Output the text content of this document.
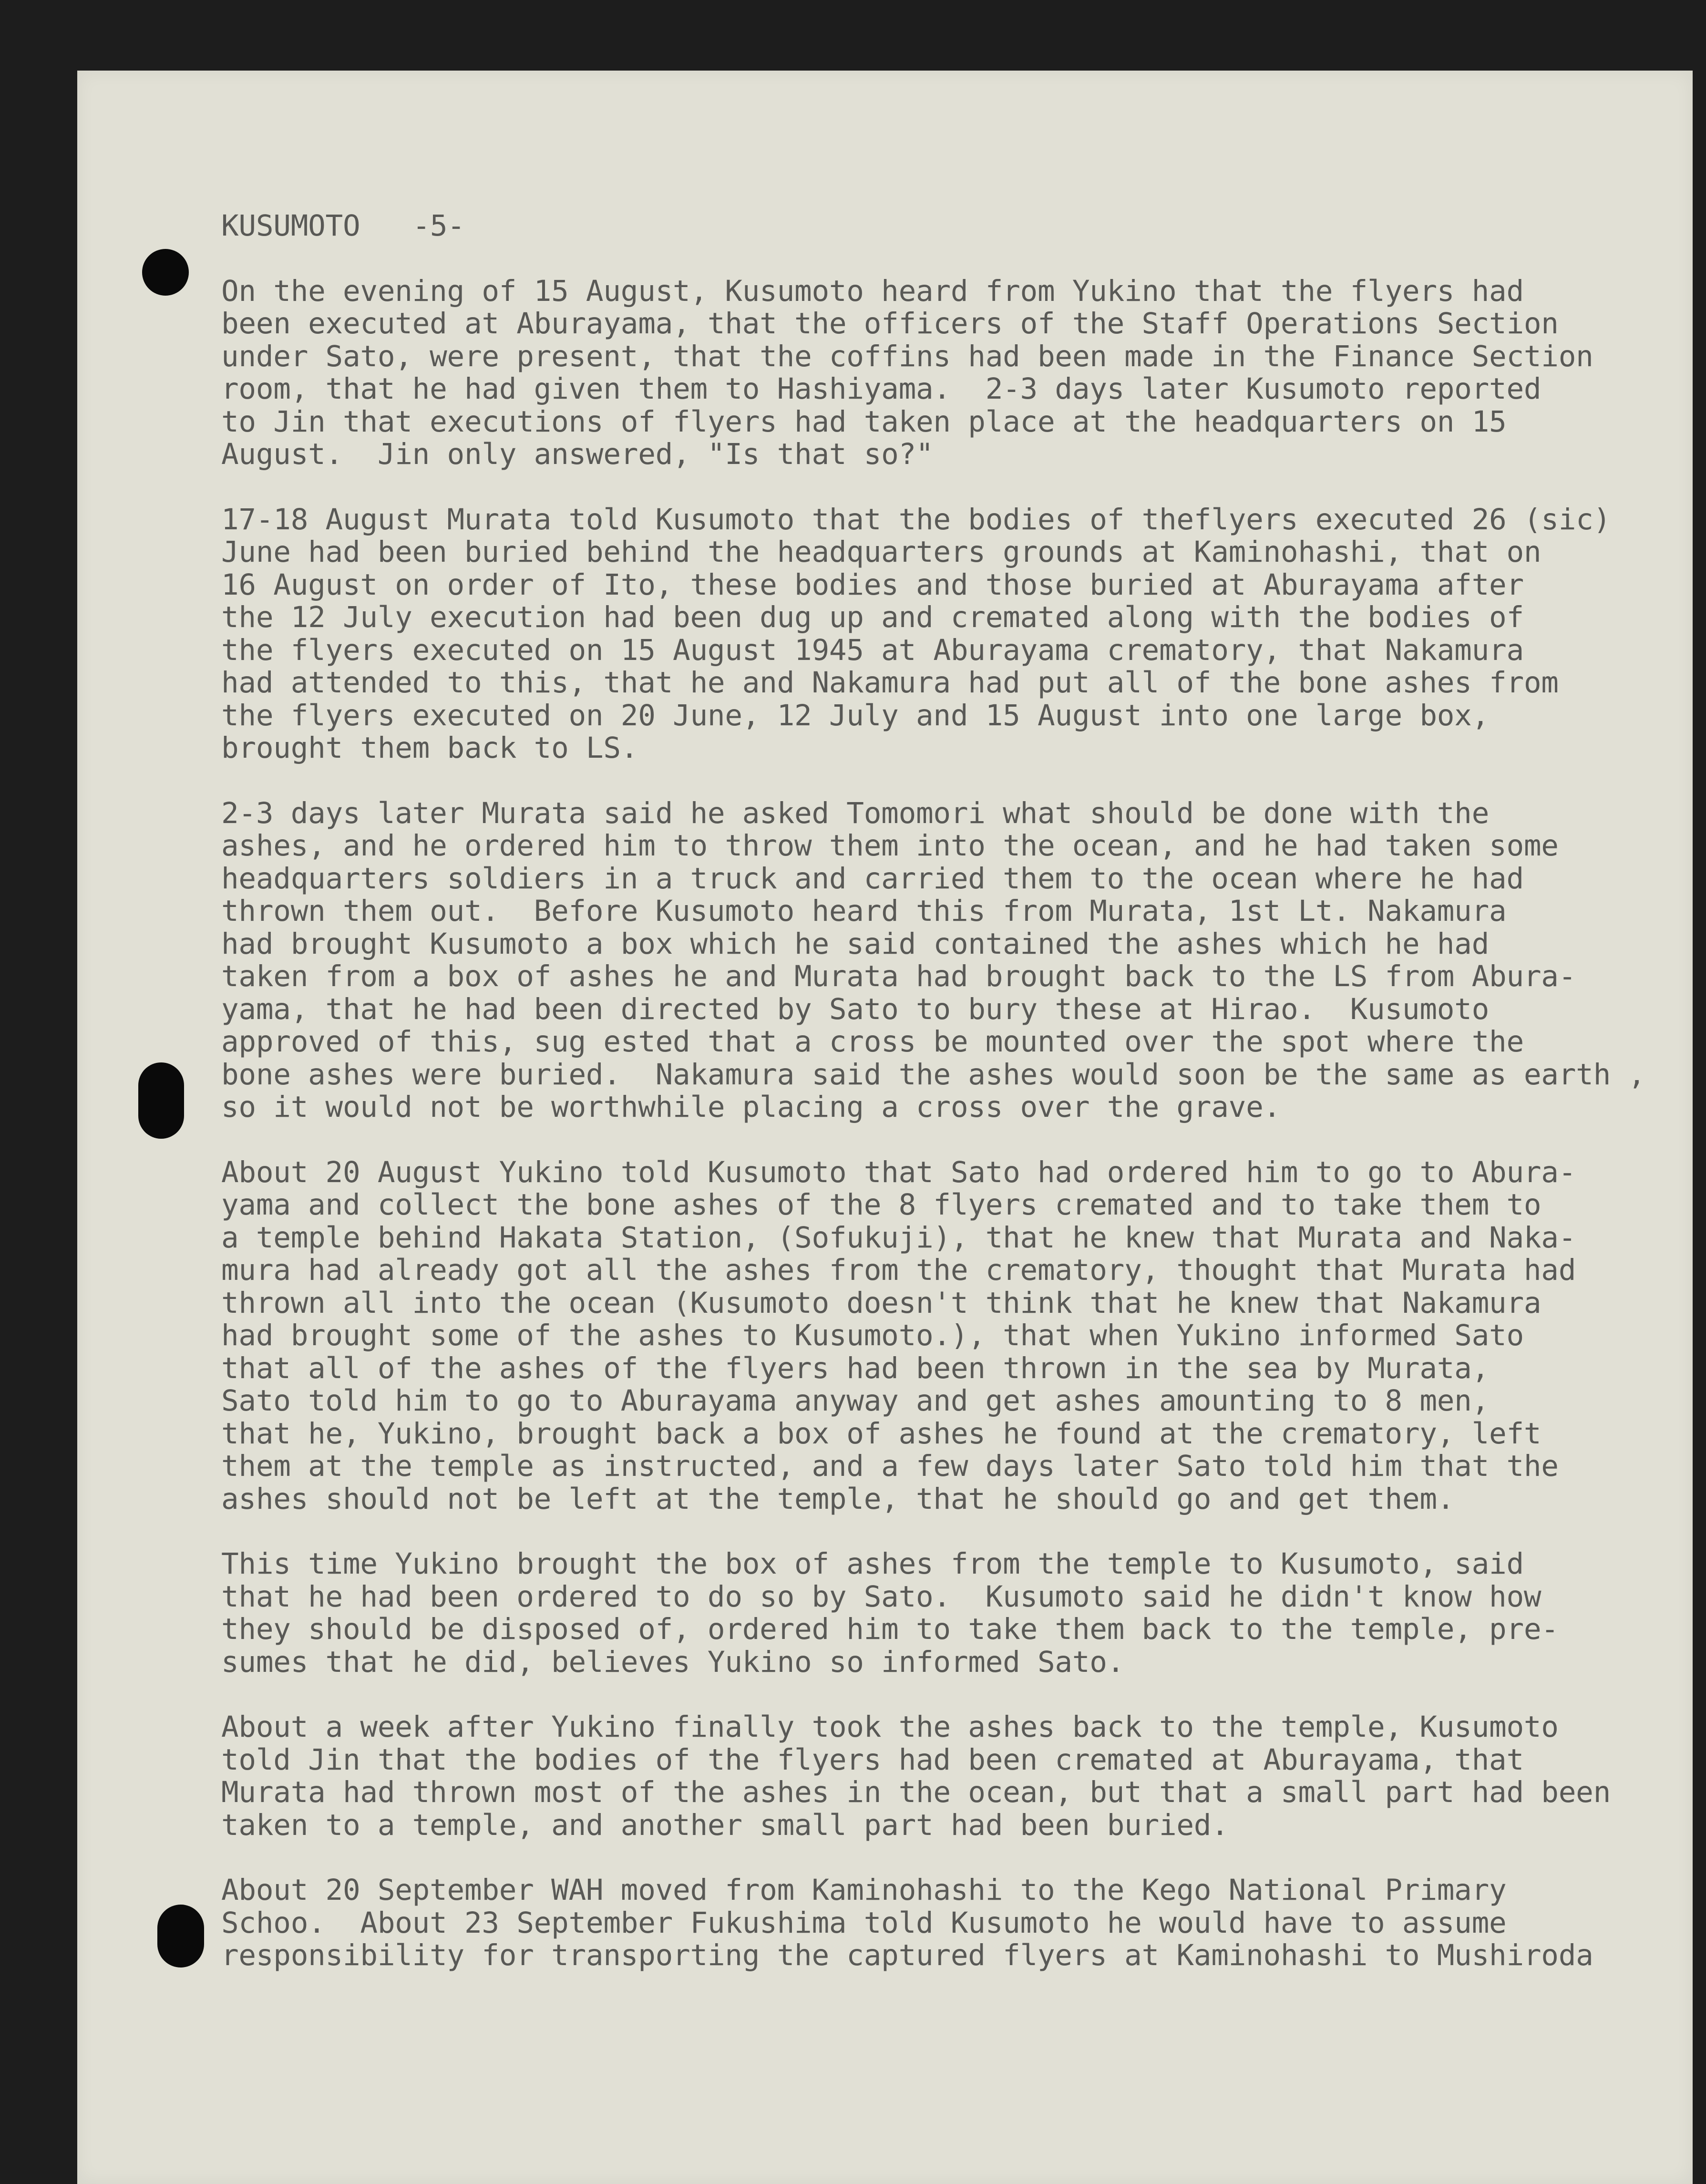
KUSUMOTO -5-
On the evening of 15 August, Kusumoto heard from Yukino that the flyers had
been executed at Aburayama, that the officers of the Staff Operations Section
under Sato, were present, that the coffins had been made in the Finance Section
room, that he had given them to Hashiyama.  2-3 days later Kusumoto reported
to Jin that executions of flyers had taken place at the headquarters on 15
August.  Jin only answered, "Is that so?"
17-18 August Murata told Kusumoto that the bodies of theflyers executed 26 (sic)
June had been buried behind the headquarters grounds at Kaminohashi, that on
16 August on order of Ito, these bodies and those buried at Aburayama after
the 12 July execution had been dug up and cremated along with the bodies of
the flyers executed on 15 August 1945 at Aburayama crematory, that Nakamura
had attended to this, that he and Nakamura had put all of the bone ashes from
the flyers executed on 20 June, 12 July and 15 August into one large box,
brought them back to LS.
2-3 days later Murata said he asked Tomomori what should be done with the
ashes, and he ordered him to throw them into the ocean, and he had taken some
headquarters soldiers in a truck and carried them to the ocean where he had
thrown them out.  Before Kusumoto heard this from Murata, 1st Lt. Nakamura
had brought Kusumoto a box which he said contained the ashes which he had
taken from a box of ashes he and Murata had brought back to the LS from Abura-
yama, that he had been directed by Sato to bury these at Hirao.  Kusumoto
approved of this, sug ested that a cross be mounted over the spot where the
bone ashes were buried.  Nakamura said the ashes would soon be the same as earth ,
so it would not be worthwhile placing a cross over the grave.
About 20 August Yukino told Kusumoto that Sato had ordered him to go to Abura-
yama and collect the bone ashes of the 8 flyers cremated and to take them to
a temple behind Hakata Station, (Sofukuji), that he knew that Murata and Naka-
mura had already got all the ashes from the crematory, thought that Murata had
thrown all into the ocean (Kusumoto doesn't think that he knew that Nakamura
had brought some of the ashes to Kusumoto.), that when Yukino informed Sato
that all of the ashes of the flyers had been thrown in the sea by Murata,
Sato told him to go to Aburayama anyway and get ashes amounting to 8 men,
that he, Yukino, brought back a box of ashes he found at the crematory, left
them at the temple as instructed, and a few days later Sato told him that the
ashes should not be left at the temple, that he should go and get them.
This time Yukino brought the box of ashes from the temple to Kusumoto, said
that he had been ordered to do so by Sato.  Kusumoto said he didn't know how
they should be disposed of, ordered him to take them back to the temple, pre-
sumes that he did, believes Yukino so informed Sato.
About a week after Yukino finally took the ashes back to the temple, Kusumoto
told Jin that the bodies of the flyers had been cremated at Aburayama, that
Murata had thrown most of the ashes in the ocean, but that a small part had been
taken to a temple, and another small part had been buried.
About 20 September WAH moved from Kaminohashi to the Kego National Primary
Schoo.  About 23 September Fukushima told Kusumoto he would have to assume
responsibility for transporting the captured flyers at Kaminohashi to Mushiroda
